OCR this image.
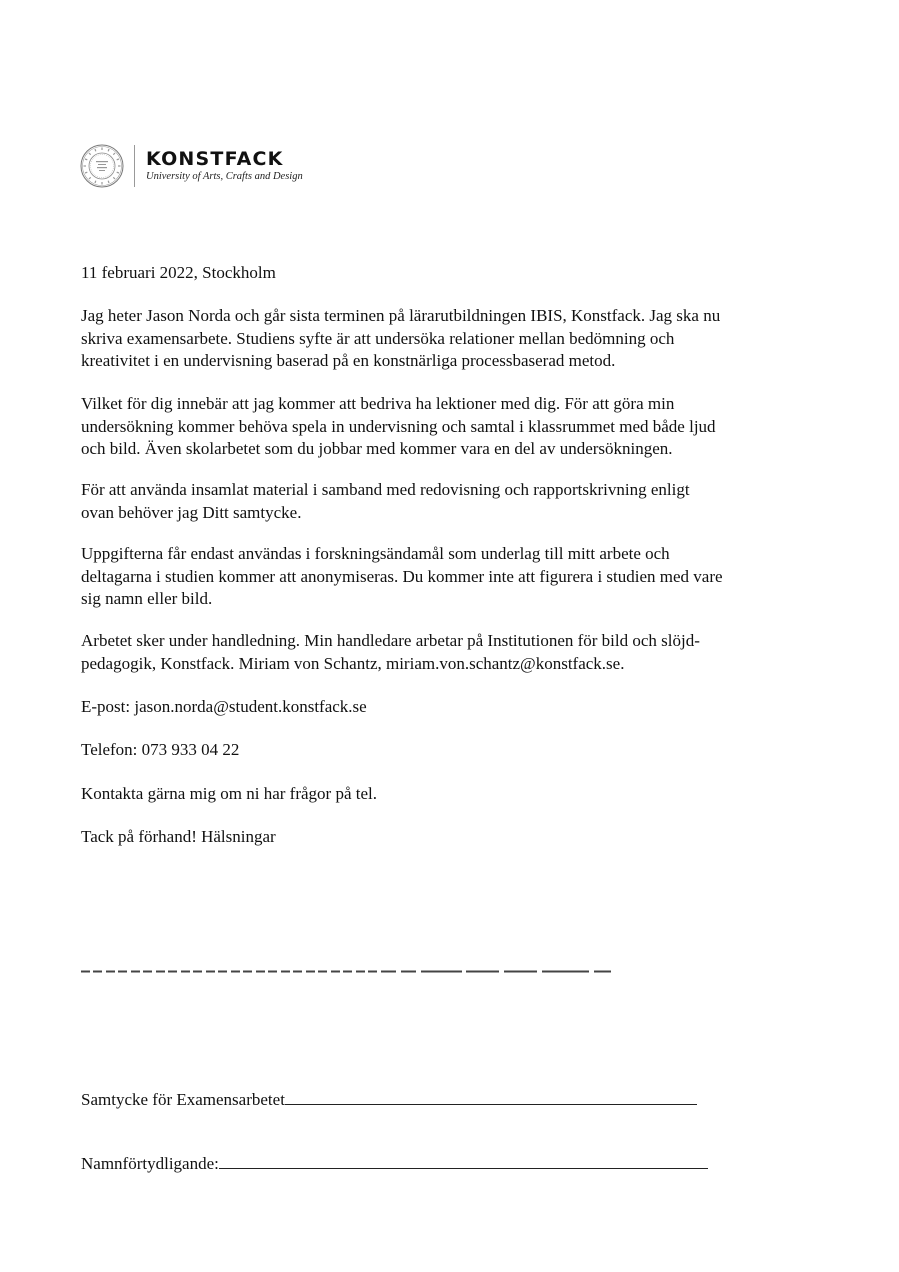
KONSTFACK
University of Arts, Crafts and Design

11 februari 2022, Stockholm

Jag heter Jason Norda och går sista terminen på lärarutbildningen IBIS, Konstfack. Jag ska nu
skriva examensarbete. Studiens syfte är att undersöka relationer mellan bedömning och
kreativitet i en undervisning baserad på en konstnärliga processbaserad metod.

Vilket för dig innebär att jag kommer att bedriva ha lektioner med dig. För att göra min
undersökning kommer behöva spela in undervisning och samtal i klassrummet med både ljud
och bild. Även skolarbetet som du jobbar med kommer vara en del av undersökningen.

För att använda insamlat material i samband med redovisning och rapportskrivning enligt
ovan behöver jag Ditt samtycke.

Uppgifterna får endast användas i forskningsändamål som underlag till mitt arbete och
deltagarna i studien kommer att anonymiseras. Du kommer inte att figurera i studien med vare
sig namn eller bild.

Arbetet sker under handledning. Min handledare arbetar på Institutionen för bild och slöjd-
pedagogik, Konstfack. Miriam von Schantz, miriam.von.schantz@konstfack.se.

E-post: jason.norda@student.konstfack.se

Telefon: 073 933 04 22

Kontakta gärna mig om ni har frågor på tel.

Tack på förhand! Hälsningar

Samtycke för Examensarbetet
Namnförtydligande:
